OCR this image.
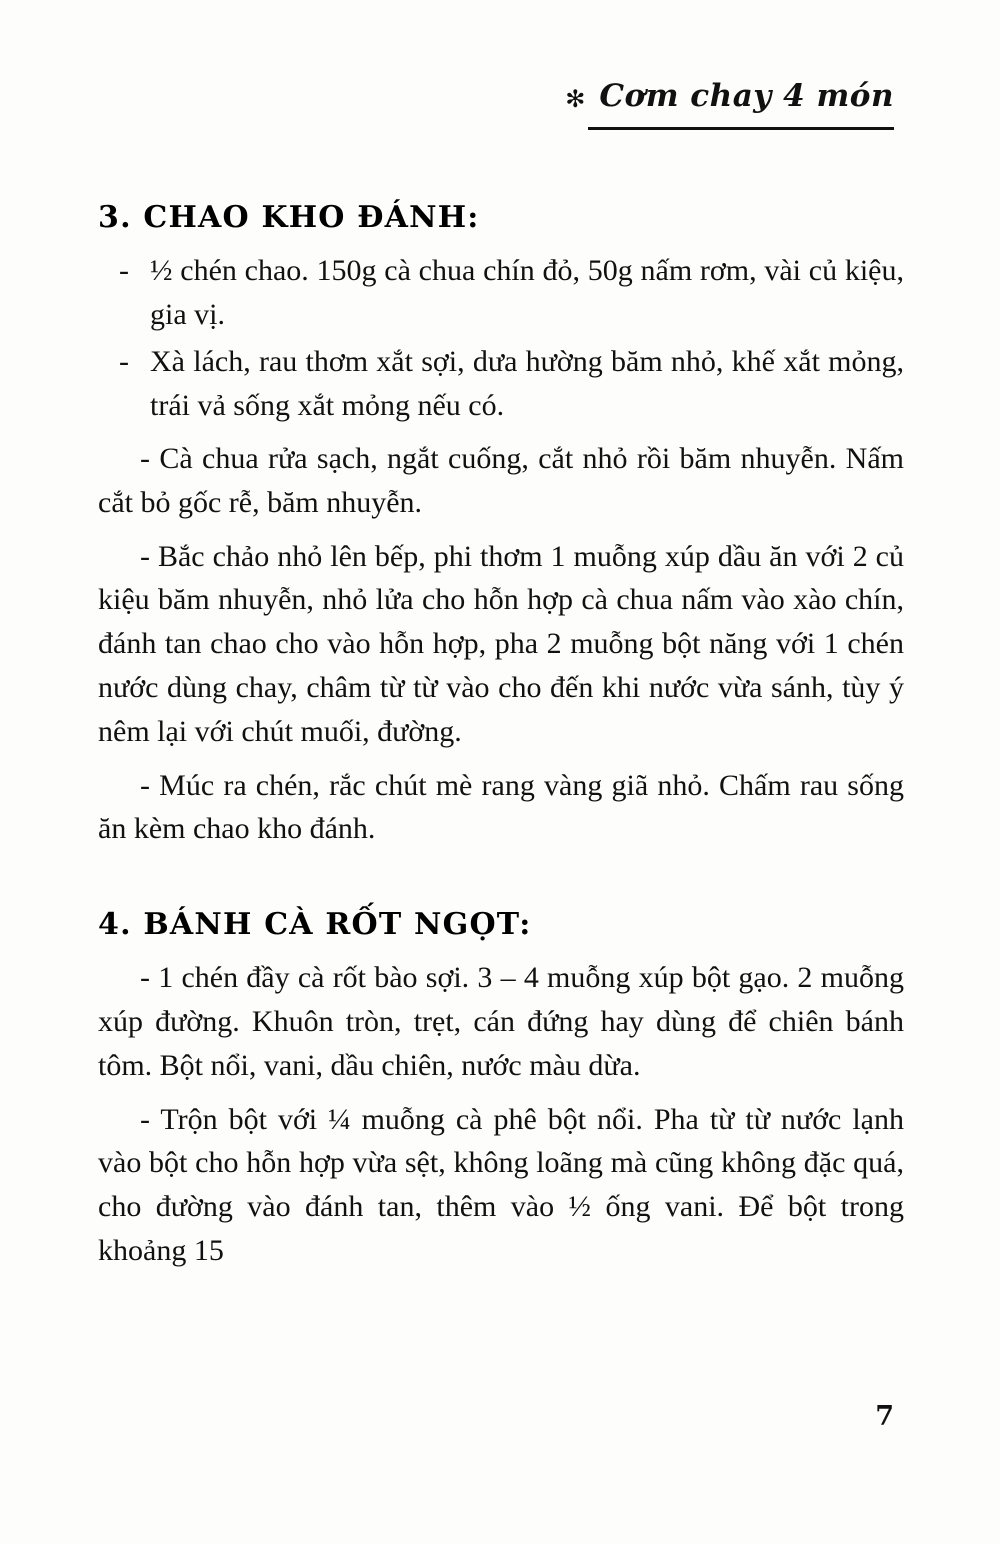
✻ Cơm chay 4 món
3. CHAO KHO ĐÁNH:
- ½ chén chao. 150g cà chua chín đỏ, 50g nấm rơm, vài củ kiệu, gia vị.
- Xà lách, rau thơm xắt sợi, dưa hường băm nhỏ, khế xắt mỏng, trái vả sống xắt mỏng nếu có.

- Cà chua rửa sạch, ngắt cuống, cắt nhỏ rồi băm nhuyễn. Nấm cắt bỏ gốc rễ, băm nhuyễn.

- Bắc chảo nhỏ lên bếp, phi thơm 1 muỗng xúp dầu ăn với 2 củ kiệu băm nhuyễn, nhỏ lửa cho hỗn hợp cà chua nấm vào xào chín, đánh tan chao cho vào hỗn hợp, pha 2 muỗng bột năng với 1 chén nước dùng chay, châm từ từ vào cho đến khi nước vừa sánh, tùy ý nêm lại với chút muối, đường.

- Múc ra chén, rắc chút mè rang vàng giã nhỏ. Chấm rau sống ăn kèm chao kho đánh.

4. BÁNH CÀ RỐT NGỌT:

- 1 chén đầy cà rốt bào sợi. 3 – 4 muỗng xúp bột gạo. 2 muỗng xúp đường. Khuôn tròn, trẹt, cán đứng hay dùng để chiên bánh tôm. Bột nổi, vani, dầu chiên, nước màu dừa.

- Trộn bột với ¼ muỗng cà phê bột nổi. Pha từ từ nước lạnh vào bột cho hỗn hợp vừa sệt, không loãng mà cũng không đặc quá, cho đường vào đánh tan, thêm vào ½ ống vani. Để bột trong khoảng 15

7
